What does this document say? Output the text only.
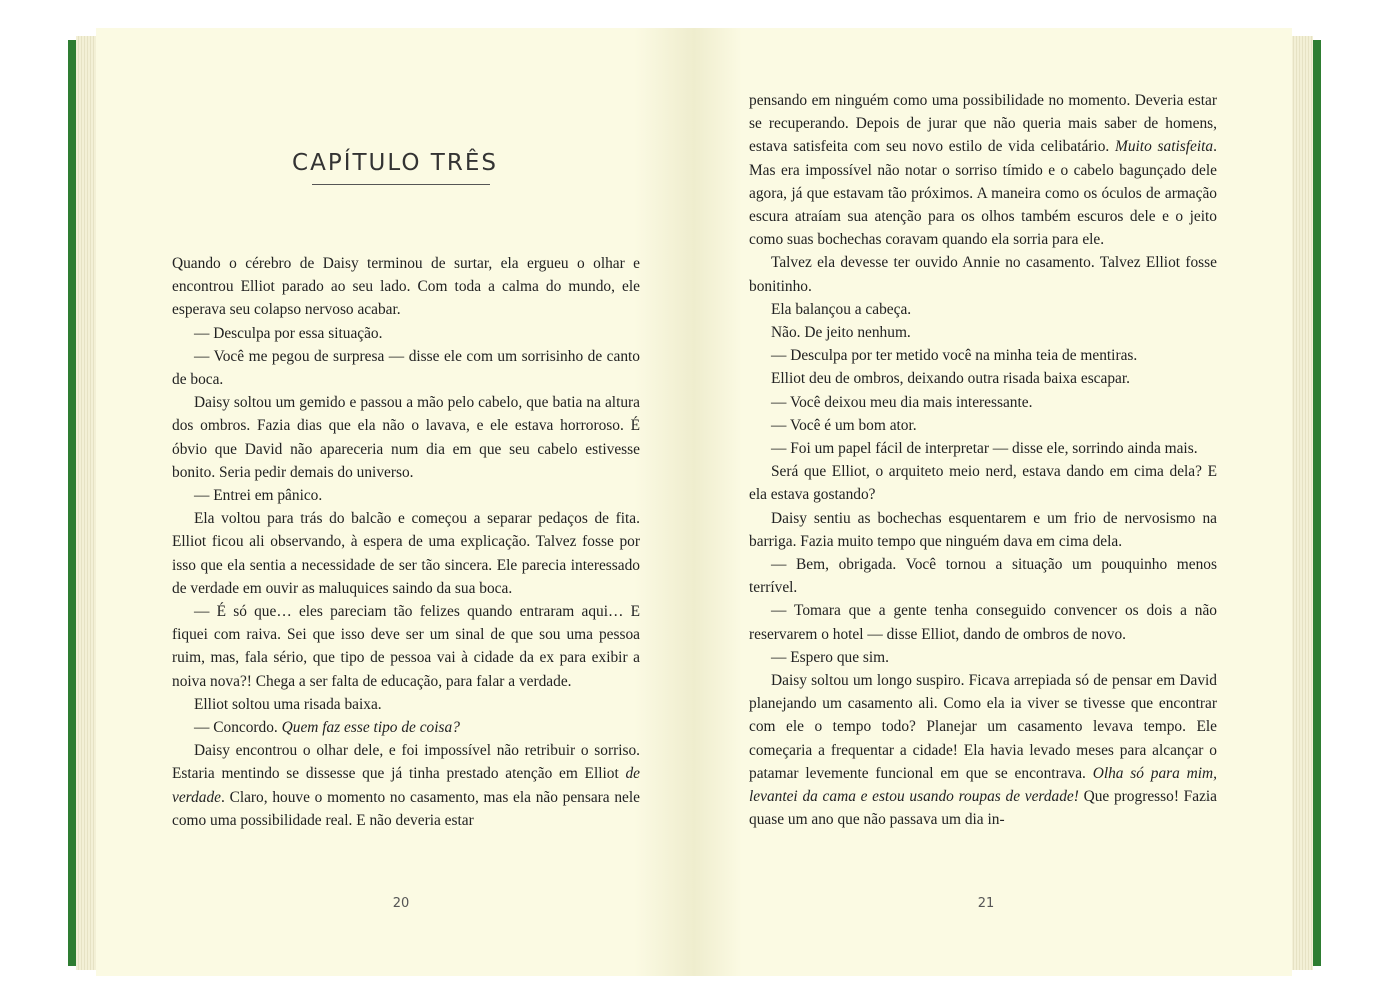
CAPÍTULO TRÊS

Quando o cérebro de Daisy terminou de surtar, ela ergueu o olhar e encontrou Elliot parado ao seu lado. Com toda a calma do mundo, ele esperava seu colapso nervoso acabar.

— Desculpa por essa situação.

— Você me pegou de surpresa — disse ele com um sorrisinho de canto de boca.

Daisy soltou um gemido e passou a mão pelo cabelo, que batia na altura dos ombros. Fazia dias que ela não o lavava, e ele estava horroroso. É óbvio que David não apareceria num dia em que seu cabelo estivesse bonito. Seria pedir demais do universo.

— Entrei em pânico.

Ela voltou para trás do balcão e começou a separar pedaços de fita. Elliot ficou ali observando, à espera de uma explicação. Talvez fosse por isso que ela sentia a necessidade de ser tão sincera. Ele parecia interessado de verdade em ouvir as maluquices saindo da sua boca.

— É só que… eles pareciam tão felizes quando entraram aqui… E fiquei com raiva. Sei que isso deve ser um sinal de que sou uma pessoa ruim, mas, fala sério, que tipo de pessoa vai à cidade da ex para exibir a noiva nova?! Chega a ser falta de educação, para falar a verdade.

Elliot soltou uma risada baixa.

— Concordo. Quem faz esse tipo de coisa?

Daisy encontrou o olhar dele, e foi impossível não retribuir o sorriso. Estaria mentindo se dissesse que já tinha prestado atenção em Elliot de verdade. Claro, houve o momento no casamento, mas ela não pensara nele como uma possibilidade real. E não deveria estar

pensando em ninguém como uma possibilidade no momento. Deveria estar se recuperando. Depois de jurar que não queria mais saber de homens, estava satisfeita com seu novo estilo de vida celibatário. Muito satisfeita. Mas era impossível não notar o sorriso tímido e o cabelo bagunçado dele agora, já que estavam tão próximos. A maneira como os óculos de armação escura atraíam sua atenção para os olhos também escuros dele e o jeito como suas bochechas coravam quando ela sorria para ele.

Talvez ela devesse ter ouvido Annie no casamento. Talvez Elliot fosse bonitinho.

Ela balançou a cabeça.

Não. De jeito nenhum.

— Desculpa por ter metido você na minha teia de mentiras.

Elliot deu de ombros, deixando outra risada baixa escapar.

— Você deixou meu dia mais interessante.

— Você é um bom ator.

— Foi um papel fácil de interpretar — disse ele, sorrindo ainda mais.

Será que Elliot, o arquiteto meio nerd, estava dando em cima dela? E ela estava gostando?

Daisy sentiu as bochechas esquentarem e um frio de nervosismo na barriga. Fazia muito tempo que ninguém dava em cima dela.

— Bem, obrigada. Você tornou a situação um pouquinho menos terrível.

— Tomara que a gente tenha conseguido convencer os dois a não reservarem o hotel — disse Elliot, dando de ombros de novo.

— Espero que sim.

Daisy soltou um longo suspiro. Ficava arrepiada só de pensar em David planejando um casamento ali. Como ela ia viver se tivesse que encontrar com ele o tempo todo? Planejar um casamento levava tempo. Ele começaria a frequentar a cidade! Ela havia levado meses para alcançar o patamar levemente funcional em que se encontrava. Olha só para mim, levantei da cama e estou usando roupas de verdade! Que progresso! Fazia quase um ano que não passava um dia in-

20	21
